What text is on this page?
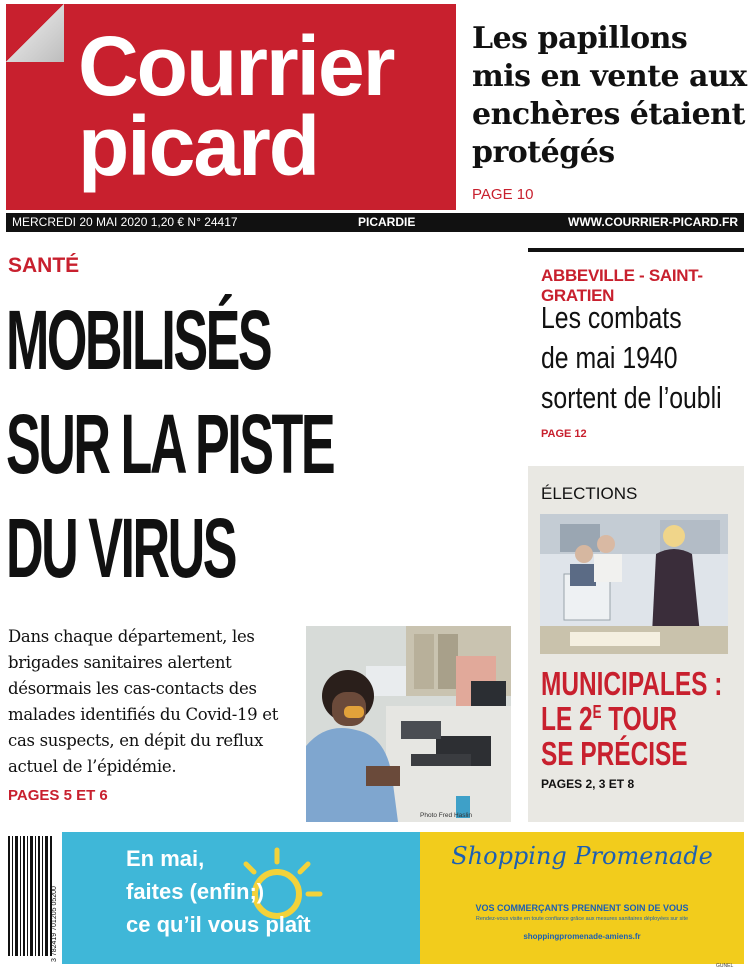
Courrier
picard
Les papillons mis en vente aux enchères étaient protégés
PAGE 10
MERCREDI 20 MAI 2020 1,20 € N° 24417	PICARDIE	WWW.COURRIER-PICARD.FR
SANTÉ
MOBILISÉS
SUR LA PISTE
DU VIRUS
Dans chaque département, les brigades sanitaires alertent désormais les cas-contacts des malades identifiés du Covid-19 et cas suspects, en dépit du reflux actuel de l’épidémie.
PAGES 5 ET 6
Photo Fred Haslin
ABBEVILLE - SAINT-GRATIEN
Les combats
de mai 1940
sortent de l’oubli
PAGE 12
ÉLECTIONS
MUNICIPALES :
LE $2^E$ TOUR
SE PRÉCISE
PAGES 2, 3 ET 8
3 782419 701205 05200
En mai,
faites (enfin;)
ce qu’il vous plaît
Shopping Promenade
VOS COMMERÇANTS PRENNENT SOIN DE VOUS
Rendez-vous visite en toute confiance grâce aux mesures sanitaires déployées sur site
shoppingpromenade-amiens.fr
GUNEL
